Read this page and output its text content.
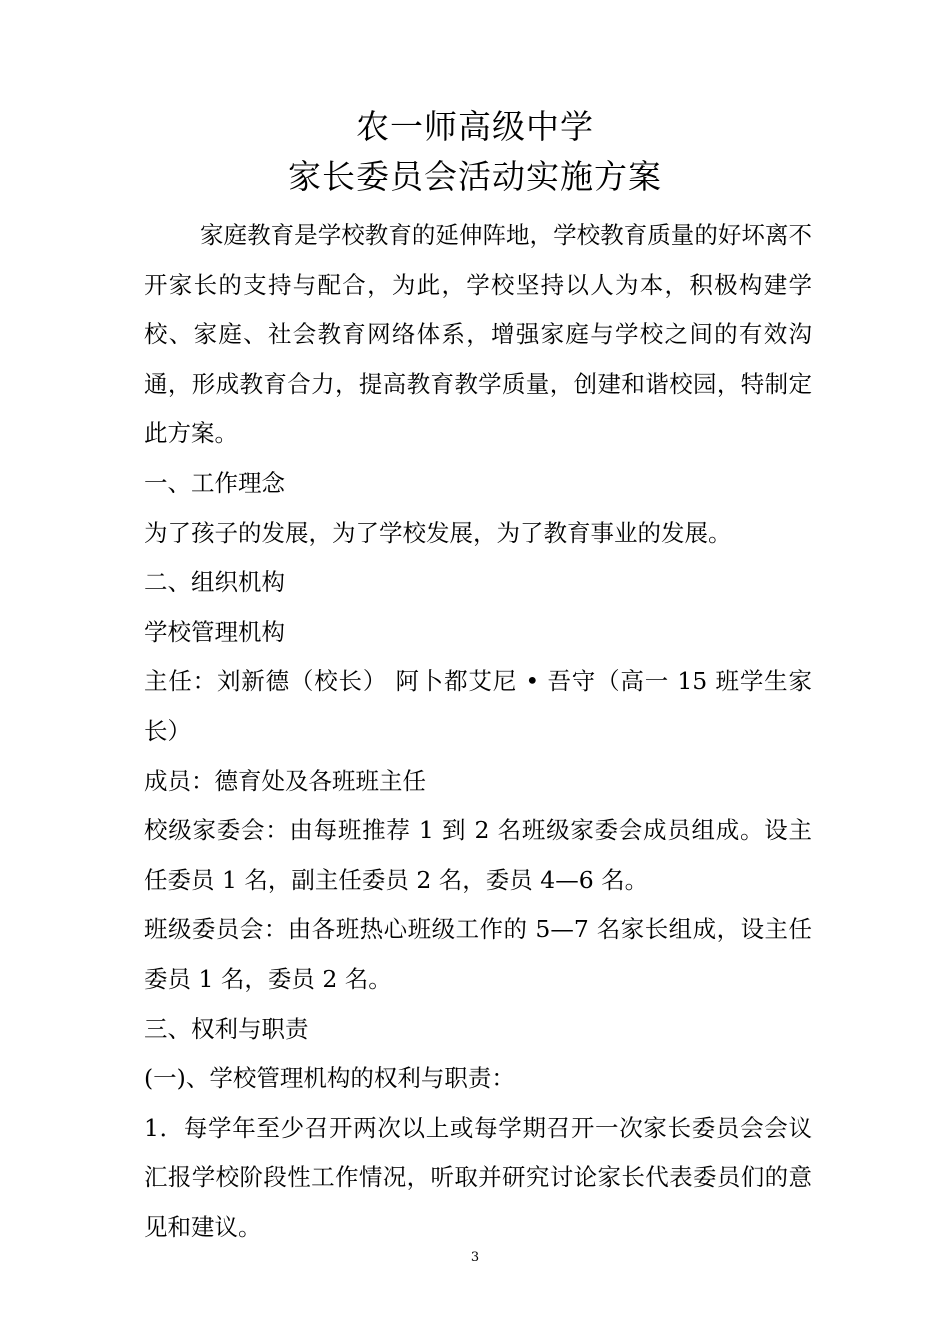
农一师高级中学
家长委员会活动实施方案

家庭教育是学校教育的延伸阵地，学校教育质量的好坏离不开家长的支持与配合，为此，学校坚持以人为本，积极构建学校、家庭、社会教育网络体系，增强家庭与学校之间的有效沟通，形成教育合力，提高教育教学质量，创建和谐校园，特制定此方案。

一、工作理念

为了孩子的发展，为了学校发展，为了教育事业的发展。

二、组织机构

学校管理机构

主任：刘新德（校长） 阿卜都艾尼 • 吾守（高一 15 班学生家长）

成员：德育处及各班班主任

校级家委会：由每班推荐 1 到 2 名班级家委会成员组成。设主任委员 1 名，副主任委员 2 名，委员 4—6 名。

班级委员会：由各班热心班级工作的 5—7 名家长组成，设主任委员 1 名，委员 2 名。

三、权利与职责

(一)、学校管理机构的权利与职责：

1．每学年至少召开两次以上或每学期召开一次家长委员会会议汇报学校阶段性工作情况，听取并研究讨论家长代表委员们的意见和建议。

3
